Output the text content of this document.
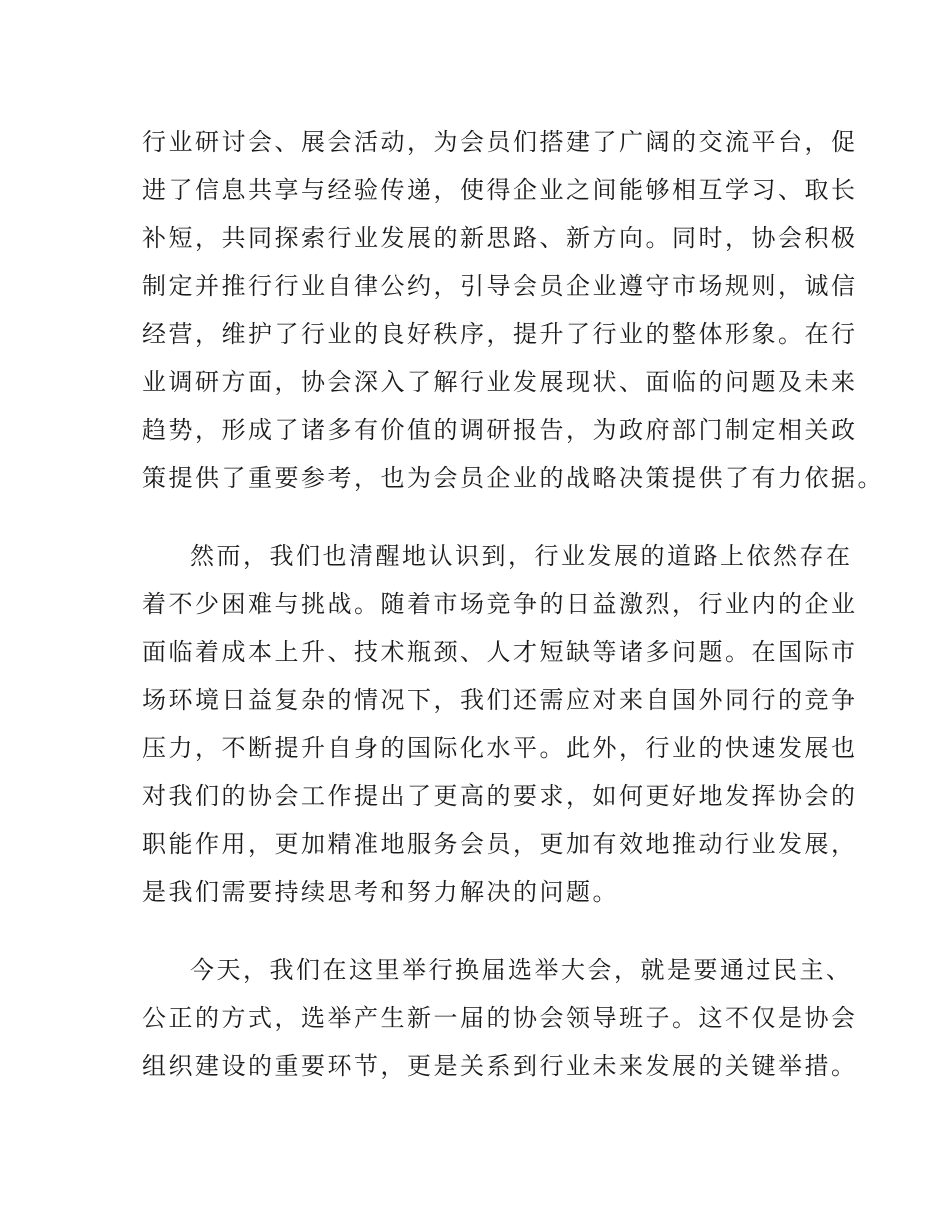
行业研讨会、展会活动，为会员们搭建了广阔的交流平台，促
进了信息共享与经验传递，使得企业之间能够相互学习、取长
补短，共同探索行业发展的新思路、新方向。同时，协会积极
制定并推行行业自律公约，引导会员企业遵守市场规则，诚信
经营，维护了行业的良好秩序，提升了行业的整体形象。在行
业调研方面，协会深入了解行业发展现状、面临的问题及未来
趋势，形成了诸多有价值的调研报告，为政府部门制定相关政
策提供了重要参考，也为会员企业的战略决策提供了有力依据。
然而，我们也清醒地认识到，行业发展的道路上依然存在
着不少困难与挑战。随着市场竞争的日益激烈，行业内的企业
面临着成本上升、技术瓶颈、人才短缺等诸多问题。在国际市
场环境日益复杂的情况下，我们还需应对来自国外同行的竞争
压力，不断提升自身的国际化水平。此外，行业的快速发展也
对我们的协会工作提出了更高的要求，如何更好地发挥协会的
职能作用，更加精准地服务会员，更加有效地推动行业发展，
是我们需要持续思考和努力解决的问题。
今天，我们在这里举行换届选举大会，就是要通过民主、
公正的方式，选举产生新一届的协会领导班子。这不仅是协会
组织建设的重要环节，更是关系到行业未来发展的关键举措。
